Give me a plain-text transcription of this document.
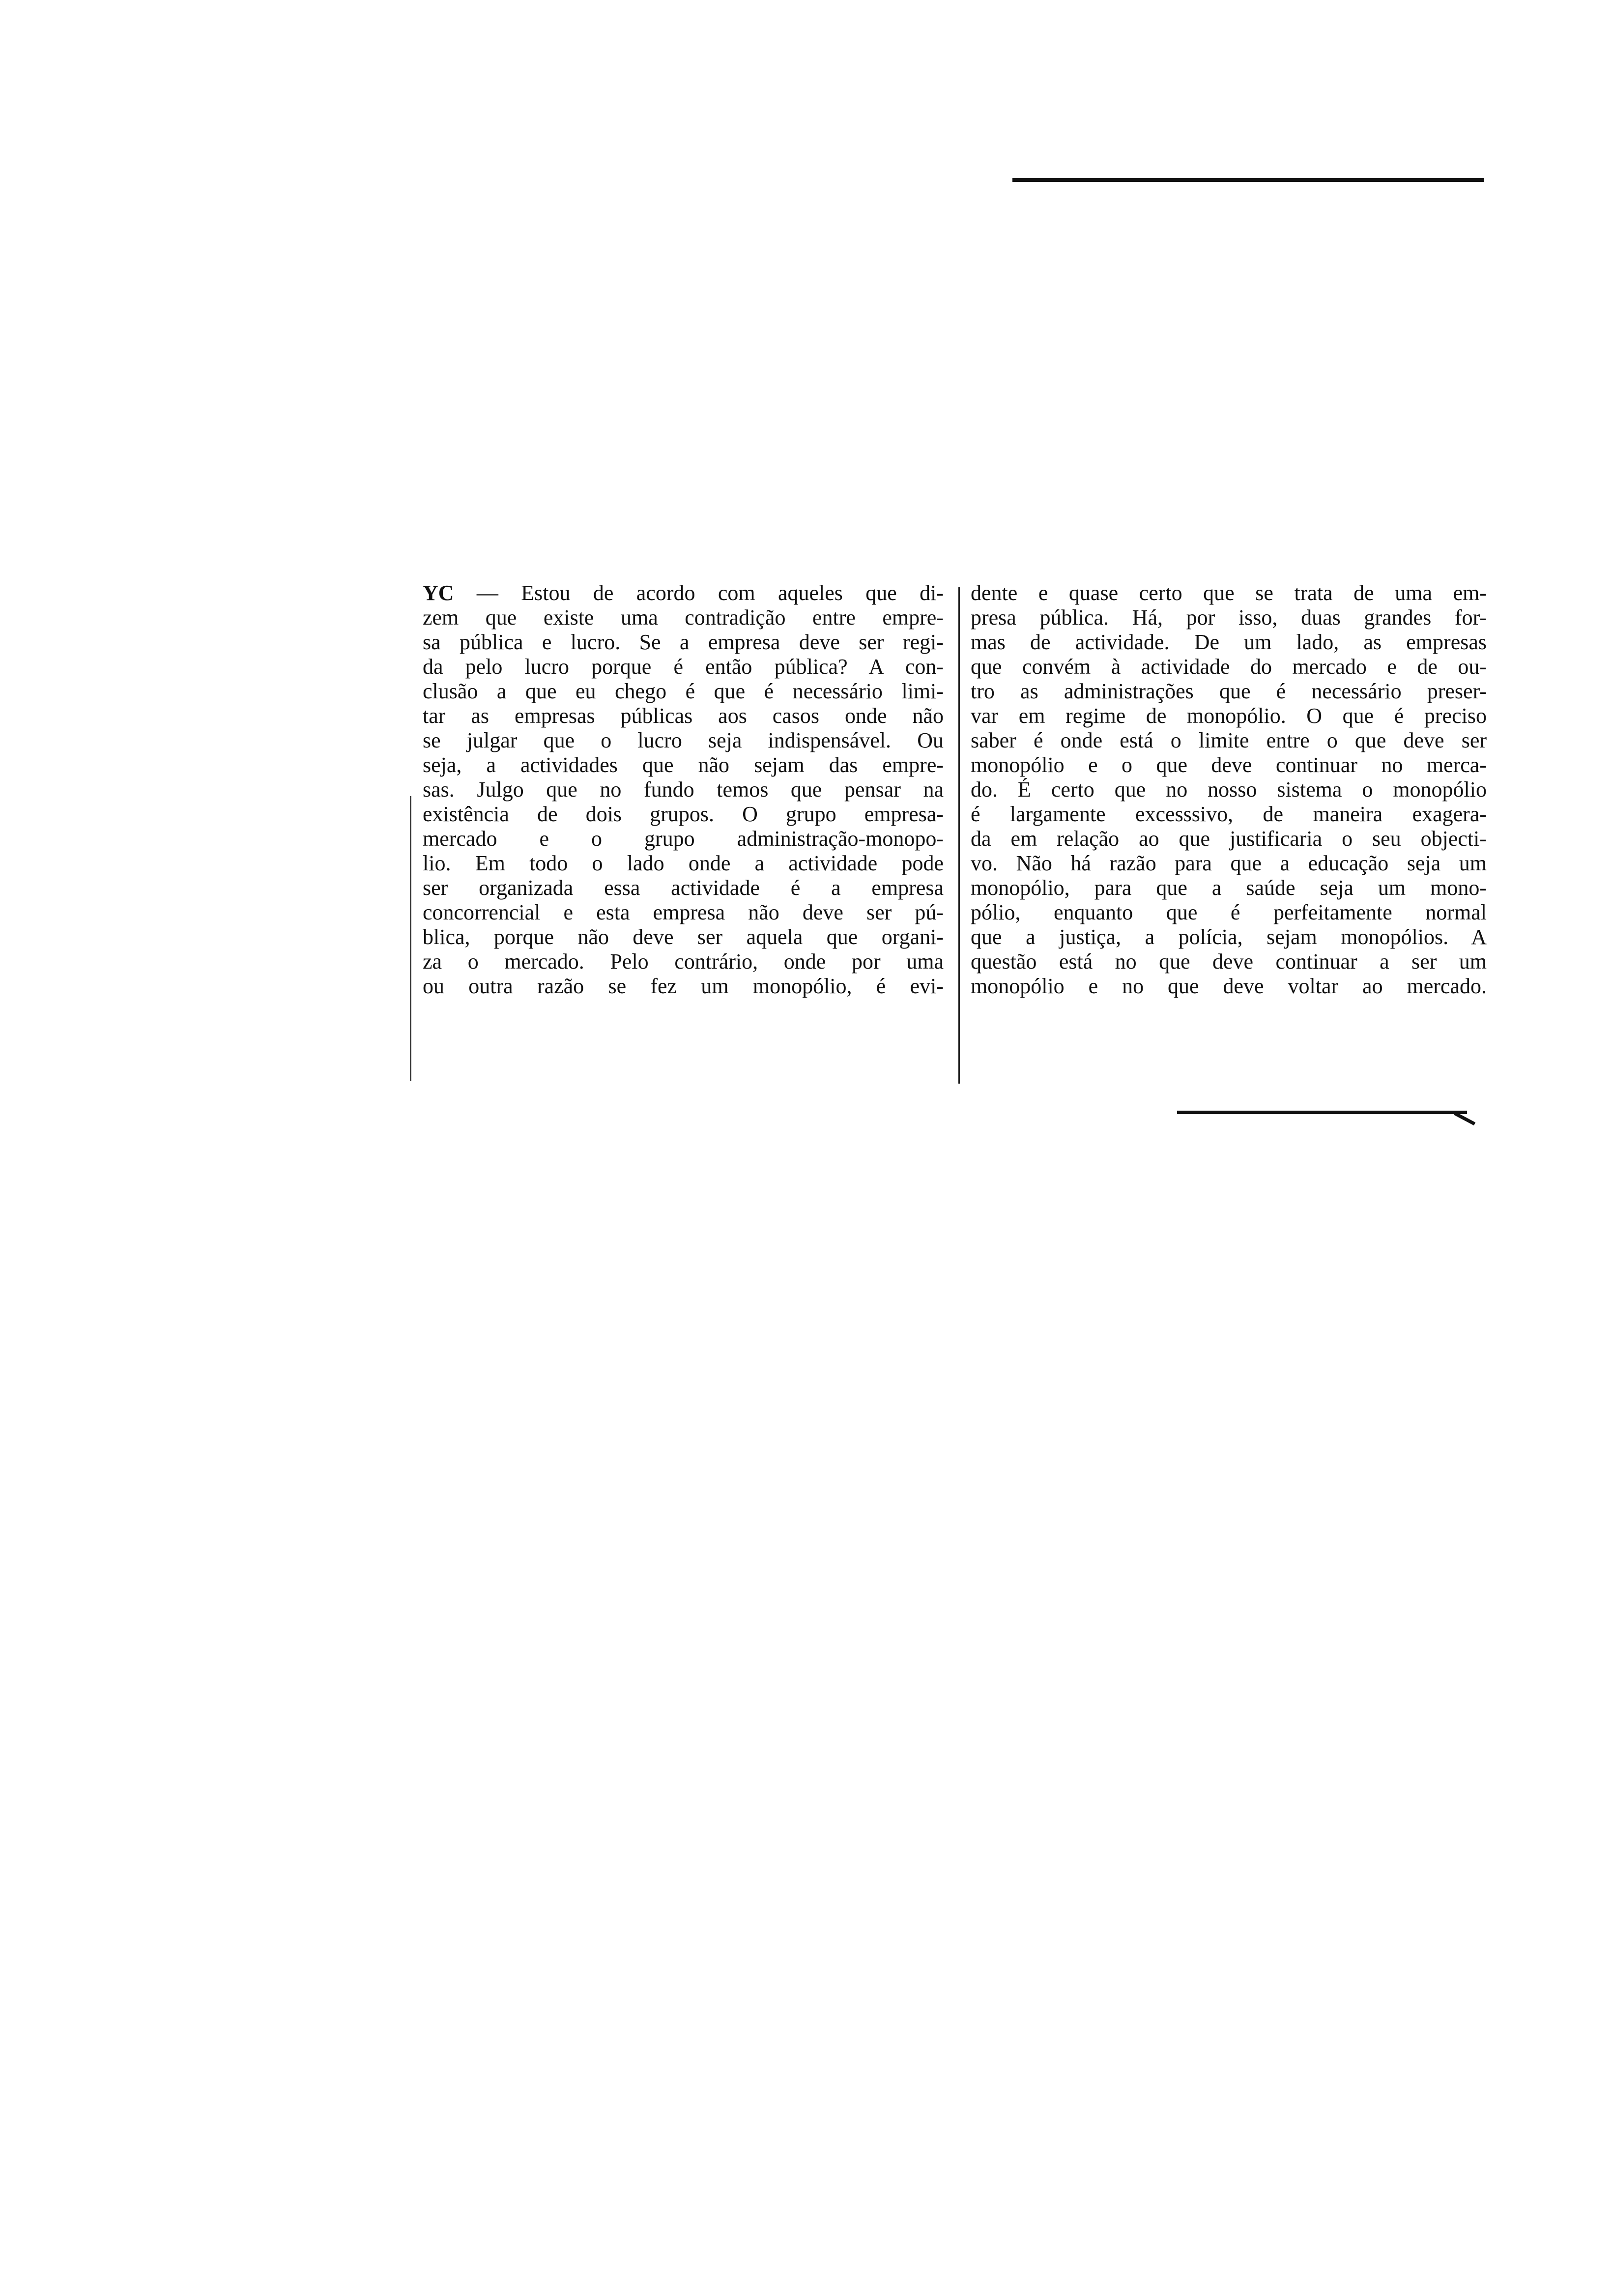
YC — Estou de acordo com aqueles que di-
zem que existe uma contradição entre empre-
sa pública e lucro. Se a empresa deve ser regi-
da pelo lucro porque é então pública? A con-
clusão a que eu chego é que é necessário limi-
tar as empresas públicas aos casos onde não
se julgar que o lucro seja indispensável. Ou
seja, a actividades que não sejam das empre-
sas. Julgo que no fundo temos que pensar na
existência de dois grupos. O grupo empresa-
mercado e o grupo administração-monopo-
lio. Em todo o lado onde a actividade pode
ser organizada essa actividade é a empresa
concorrencial e esta empresa não deve ser pú-
blica, porque não deve ser aquela que organi-
za o mercado. Pelo contrário, onde por uma
ou outra razão se fez um monopólio, é evi-
dente e quase certo que se trata de uma em-
presa pública. Há, por isso, duas grandes for-
mas de actividade. De um lado, as empresas
que convém à actividade do mercado e de ou-
tro as administrações que é necessário preser-
var em regime de monopólio. O que é preciso
saber é onde está o limite entre o que deve ser
monopólio e o que deve continuar no merca-
do. É certo que no nosso sistema o monopólio
é largamente excesssivo, de maneira exagera-
da em relação ao que justificaria o seu objecti-
vo. Não há razão para que a educação seja um
monopólio, para que a saúde seja um mono-
pólio, enquanto que é perfeitamente normal
que a justiça, a polícia, sejam monopólios. A
questão está no que deve continuar a ser um
monopólio e no que deve voltar ao mercado.
